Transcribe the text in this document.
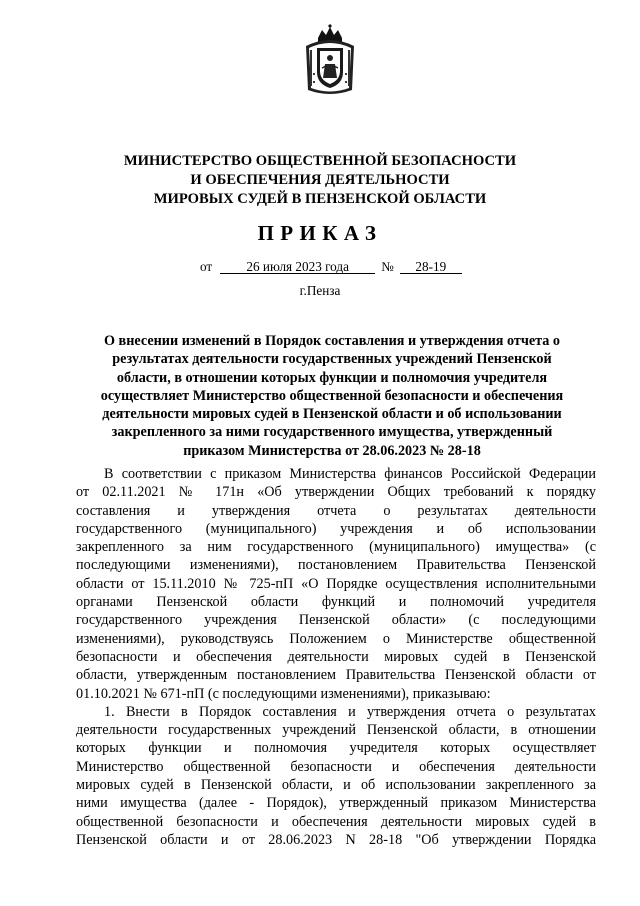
МИНИСТЕРСТВО ОБЩЕСТВЕННОЙ БЕЗОПАСНОСТИ
И ОБЕСПЕЧЕНИЯ ДЕЯТЕЛЬНОСТИ
МИРОВЫХ СУДЕЙ В ПЕНЗЕНСКОЙ ОБЛАСТИ
ПРИКАЗ
от	26 июля 2023 года № 28-19
г.Пенза
О внесении изменений в Порядок составления и утверждения отчета о
результатах деятельности государственных учреждений Пензенской
области, в отношении которых функции и полномочия учредителя
осуществляет Министерство общественной безопасности и обеспечения
деятельности мировых судей в Пензенской области и об использовании
закрепленного за ними государственного имущества, утвержденный
приказом Министерства от 28.06.2023 № 28-18
В соответствии с приказом Министерства финансов Российской Федерации
от 02.11.2021 № 171н «Об утверждении Общих требований к порядку
составления и утверждения отчета о результатах деятельности
государственного (муниципального) учреждения и об использовании
закрепленного за ним государственного (муниципального) имущества» (с
последующими изменениями), постановлением Правительства Пензенской
области от 15.11.2010 № 725-пП «О Порядке осуществления исполнительными
органами Пензенской области функций и полномочий учредителя
государственного учреждения Пензенской области» (с последующими
изменениями), руководствуясь Положением о Министерстве общественной
безопасности и обеспечения деятельности мировых судей в Пензенской
области, утвержденным постановлением Правительства Пензенской области от
01.10.2021 № 671-пП (с последующими изменениями), приказываю:
1. Внести в Порядок составления и утверждения отчета о результатах
деятельности государственных учреждений Пензенской области, в отношении
которых функции и полномочия учредителя которых осуществляет
Министерство общественной безопасности и обеспечения деятельности
мировых судей в Пензенской области, и об использовании закрепленного за
ними имущества (далее - Порядок), утвержденный приказом Министерства
общественной безопасности и обеспечения деятельности мировых судей в
Пензенской области и от 28.06.2023 N 28-18 "Об утверждении Порядка
